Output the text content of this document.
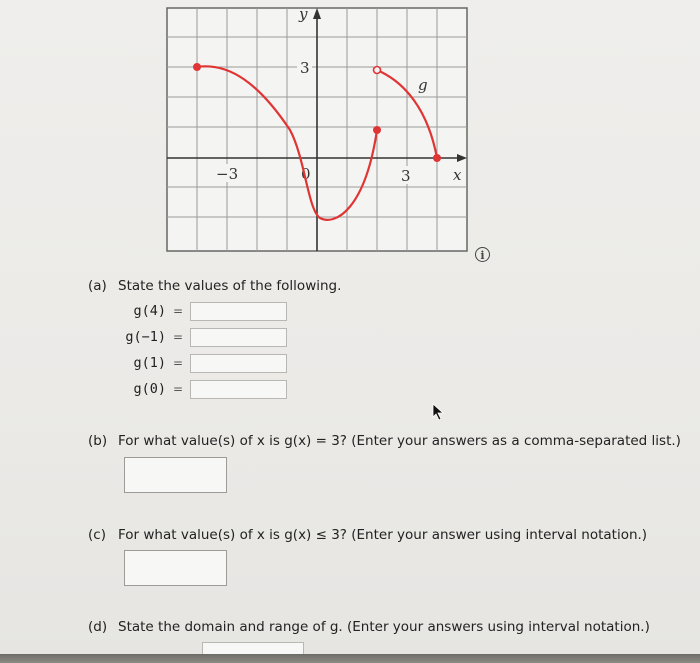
y
x
−3	0	3
3
g
i
(a) State the values of the following.
g(4) =
g(−1) =
g(1) =
g(0) =
(b) For what value(s) of x is g(x) = 3? (Enter your answers as a comma-separated list.)
(c) For what value(s) of x is g(x) ≤ 3? (Enter your answer using interval notation.)
(d) State the domain and range of g. (Enter your answers using interval notation.)
